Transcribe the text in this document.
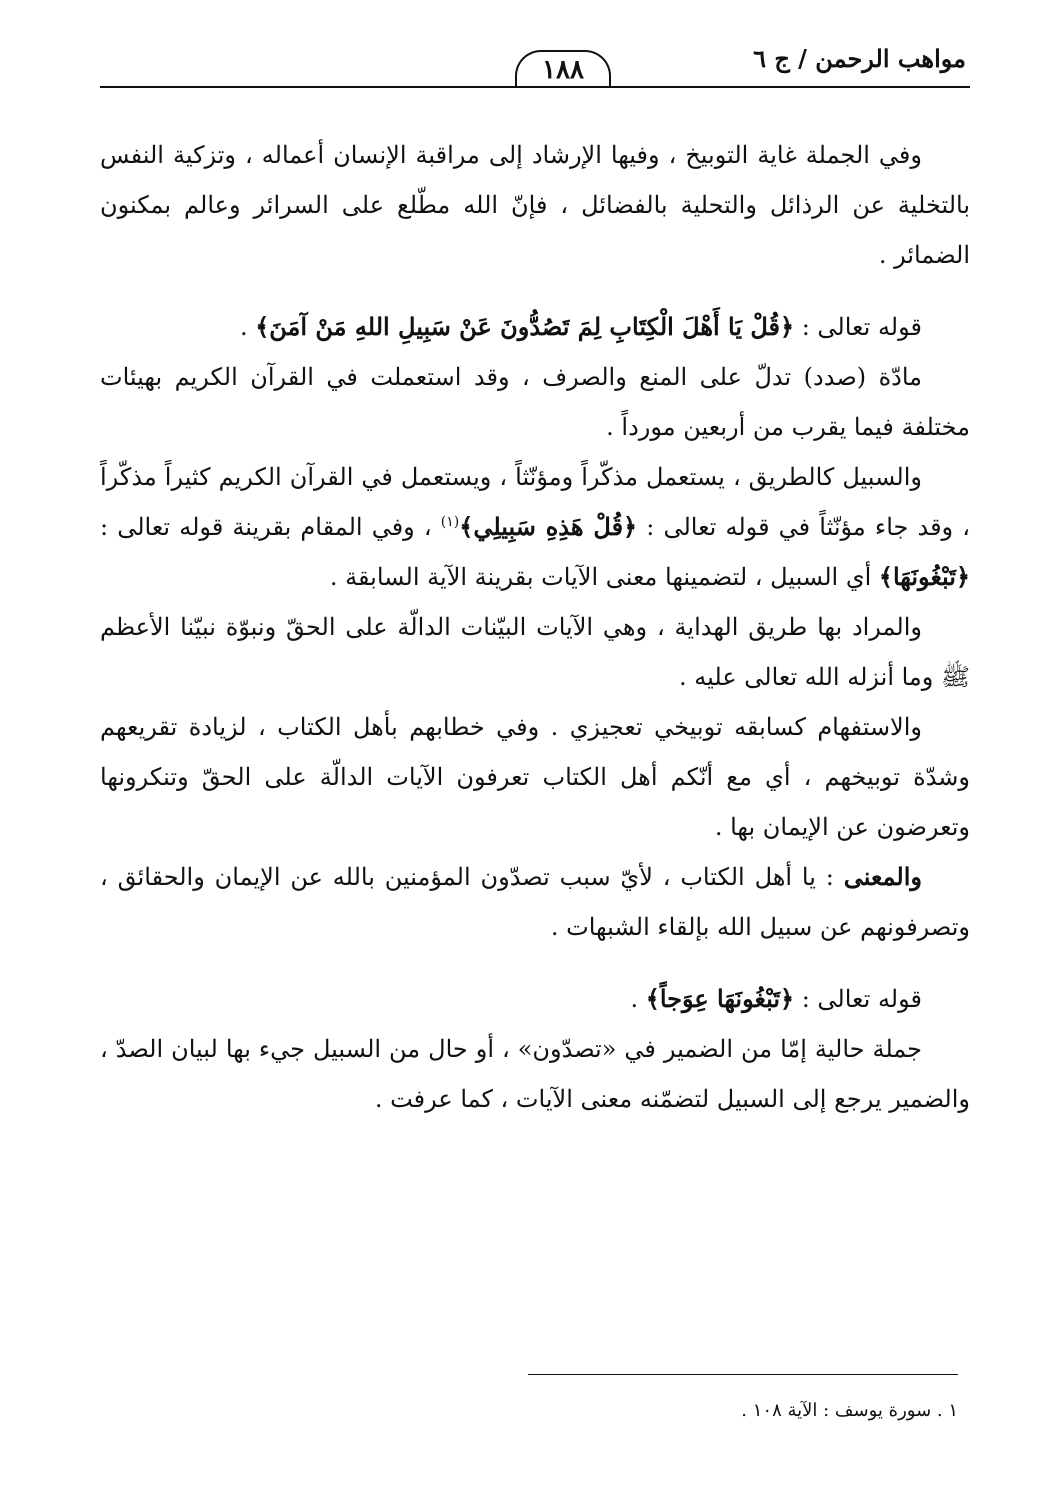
مواهب الرحمن / ج ٦
١٨٨

وفي الجملة غاية التوبيخ ، وفيها الإرشاد إلى مراقبة الإنسان أعماله ، وتزكية النفس بالتخلية عن الرذائل والتحلية بالفضائل ، فإنّ الله مطّلع على السرائر وعالم بمكنون الضمائر .

قوله تعالى : ﴿قُلْ يَا أَهْلَ الْكِتَابِ لِمَ تَصُدُّونَ عَنْ سَبِيلِ اللهِ مَنْ آمَنَ﴾ .

مادّة (صدد) تدلّ على المنع والصرف ، وقد استعملت في القرآن الكريم بهيئات مختلفة فيما يقرب من أربعين مورداً .

والسبيل كالطريق ، يستعمل مذكّراً ومؤنّثاً ، ويستعمل في القرآن الكريم كثيراً مذكّراً ، وقد جاء مؤنّثاً في قوله تعالى : ﴿قُلْ هَذِهِ سَبِيلِي﴾$^{(١)}$ ، وفي المقام بقرينة قوله تعالى : ﴿تَبْغُونَهَا﴾ أي السبيل ، لتضمينها معنى الآيات بقرينة الآية السابقة .

والمراد بها طريق الهداية ، وهي الآيات البيّنات الدالّة على الحقّ ونبوّة نبيّنا الأعظم ﷺ وما أنزله الله تعالى عليه .

والاستفهام كسابقه توبيخي تعجيزي . وفي خطابهم بأهل الكتاب ، لزيادة تقريعهم وشدّة توبيخهم ، أي مع أنّكم أهل الكتاب تعرفون الآيات الدالّة على الحقّ وتنكرونها وتعرضون عن الإيمان بها .

والمعنى : يا أهل الكتاب ، لأيّ سبب تصدّون المؤمنين بالله عن الإيمان والحقائق ، وتصرفونهم عن سبيل الله بإلقاء الشبهات .

قوله تعالى : ﴿تَبْغُونَهَا عِوَجاً﴾ .

جملة حالية إمّا من الضمير في «تصدّون» ، أو حال من السبيل جيء بها لبيان الصدّ ، والضمير يرجع إلى السبيل لتضمّنه معنى الآيات ، كما عرفت .

١ . سورة يوسف : الآية ١٠٨ .
